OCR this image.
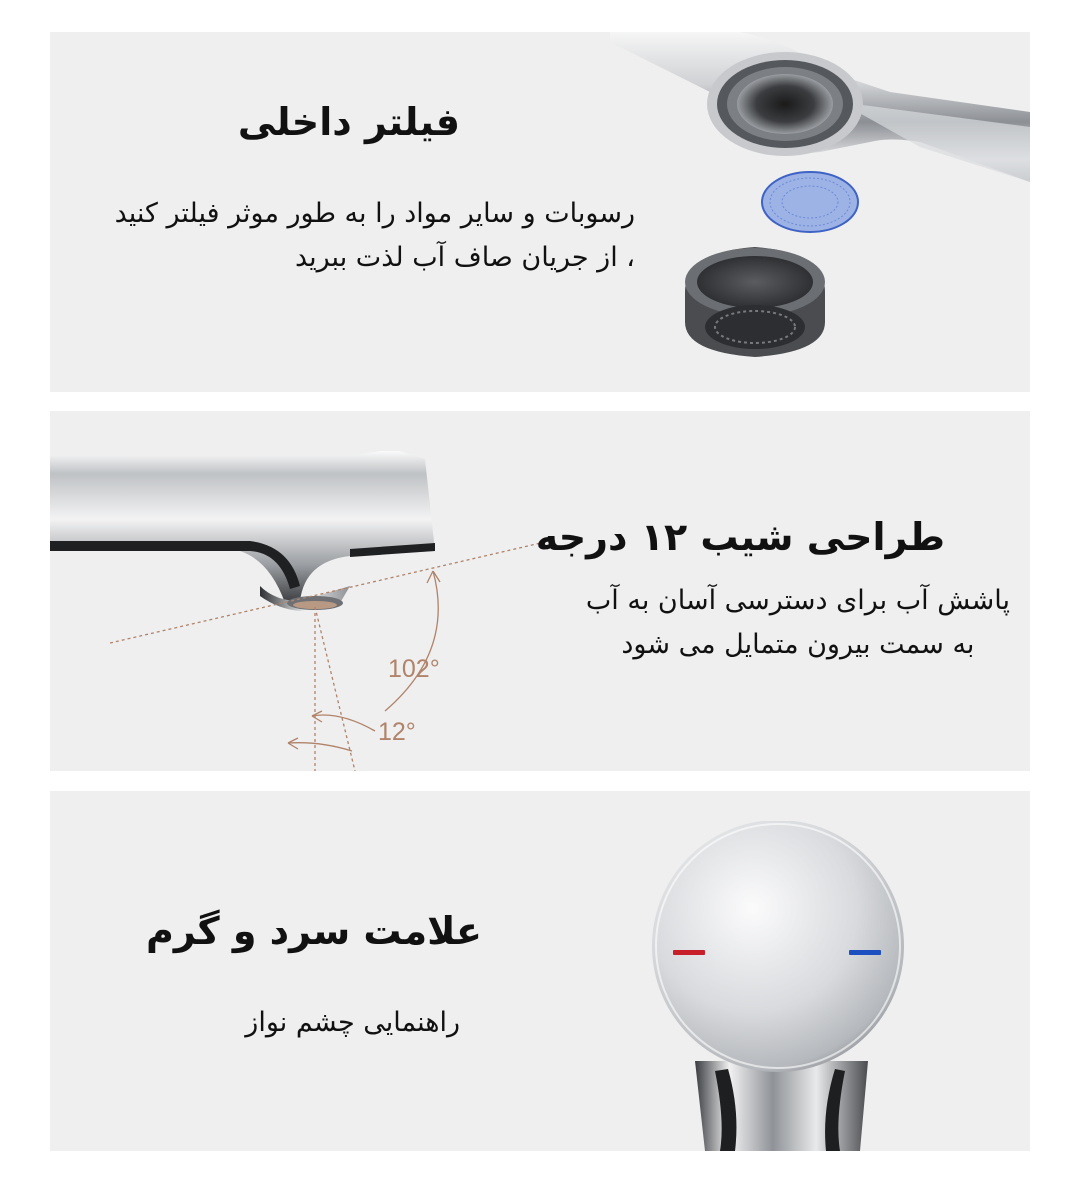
فیلتر داخلی

رسوبات و سایر مواد را به طور موثر فیلتر کنید
، از جریان صاف آب لذت ببرید

102°
12°
طراحی شیب ۱۲ درجه

پاشش آب برای دسترسی آسان به آب
به سمت بیرون متمایل می شود

علامت سرد و گرم

راهنمایی چشم نواز
